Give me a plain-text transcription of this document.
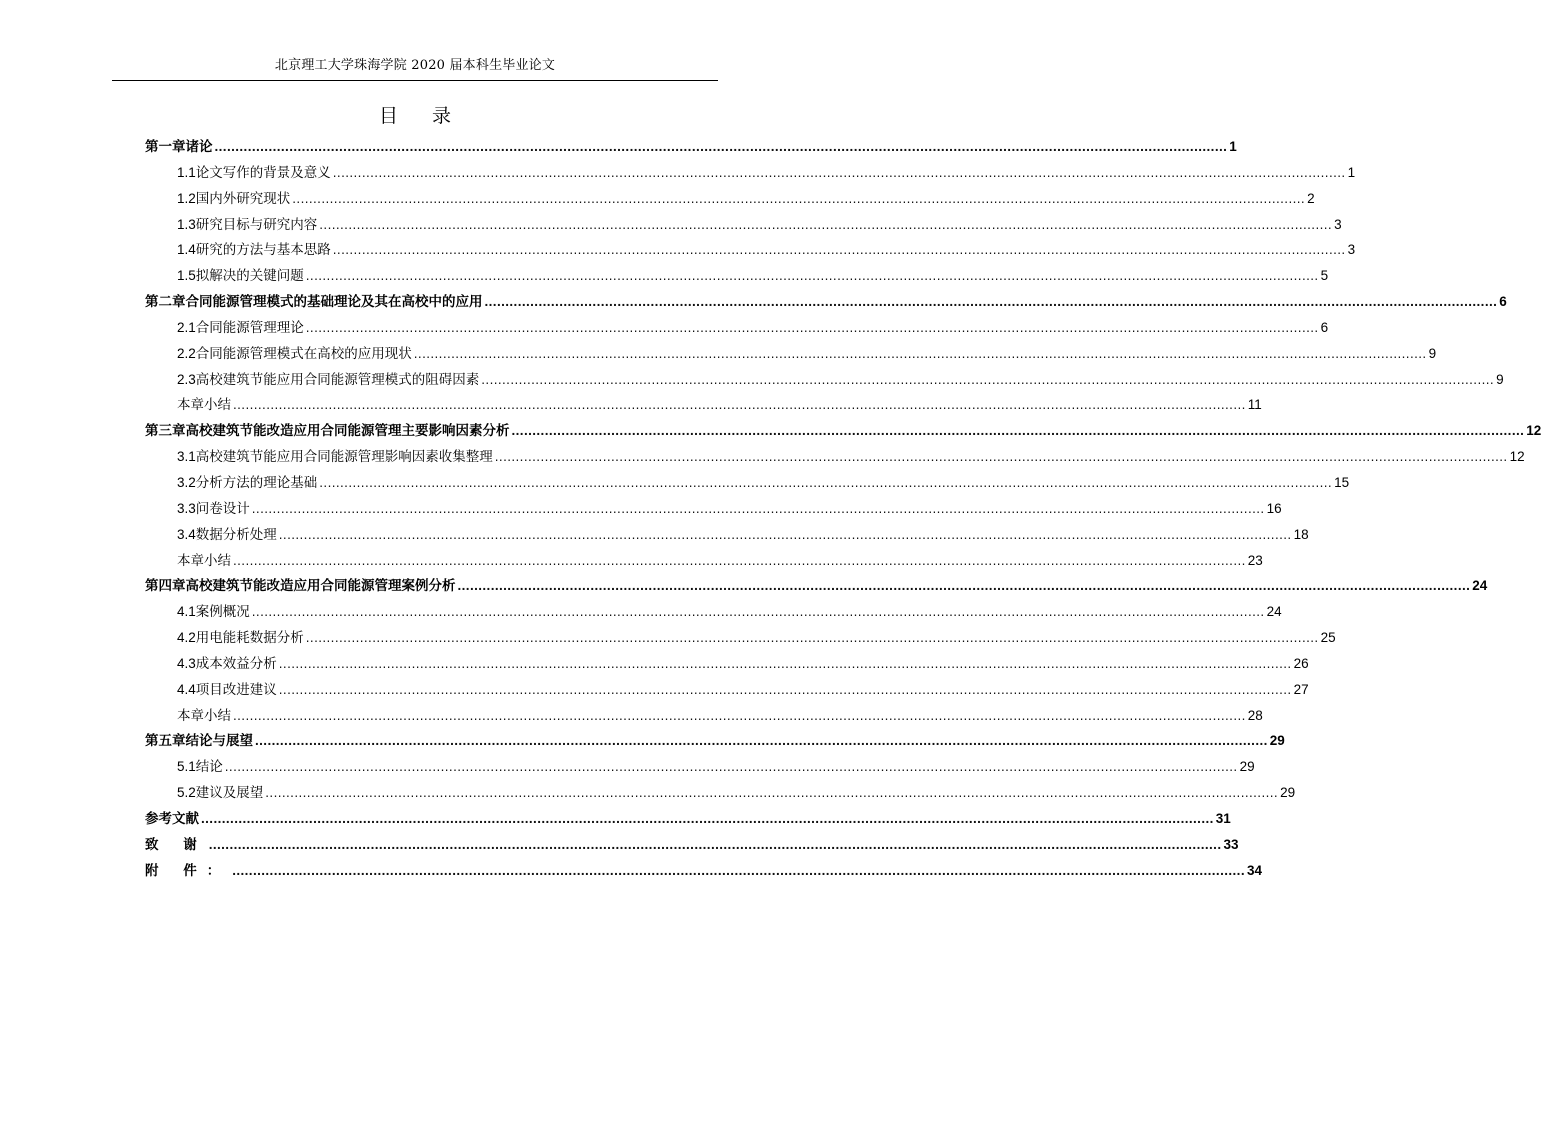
北京理工大学珠海学院 2020 届本科生毕业论文
目 录
第一章 诸论 .....	1
1.1 论文写作的背景及意义 .....	1
1.2 国内外研究现状 .....	2
1.3 研究目标与研究内容 .....	3
1.4 研究的方法与基本思路 .....	3
1.5 拟解决的关键问题 .....	5
第二章 合同能源管理模式的基础理论及其在高校中的应用 .....	6
2.1 合同能源管理理论 .....	6
2.2 合同能源管理模式在高校的应用现状 .....	9
2.3 高校建筑节能应用合同能源管理模式的阻碍因素 .....	9
本章小结 .....	11
第三章 高校建筑节能改造应用合同能源管理主要影响因素分析 .....	12
3.1 高校建筑节能应用合同能源管理影响因素收集整理 .....	12
3.2 分析方法的理论基础 .....	15
3.3 问卷设计 .....	16
3.4 数据分析处理 .....	18
本章小结 .....	23
第四章 高校建筑节能改造应用合同能源管理案例分析 .....	24
4.1 案例概况 .....	24
4.2 用电能耗数据分析 .....	25
4.3 成本效益分析 .....	26
4.4 项目改进建议 .....	27
本章小结 .....	28
第五章 结论与展望 .....	29
5.1 结论 .....	29
5.2 建议及展望 .....	29
参考文献 .....	31
致 谢 .....	33
附 件： .....	34
